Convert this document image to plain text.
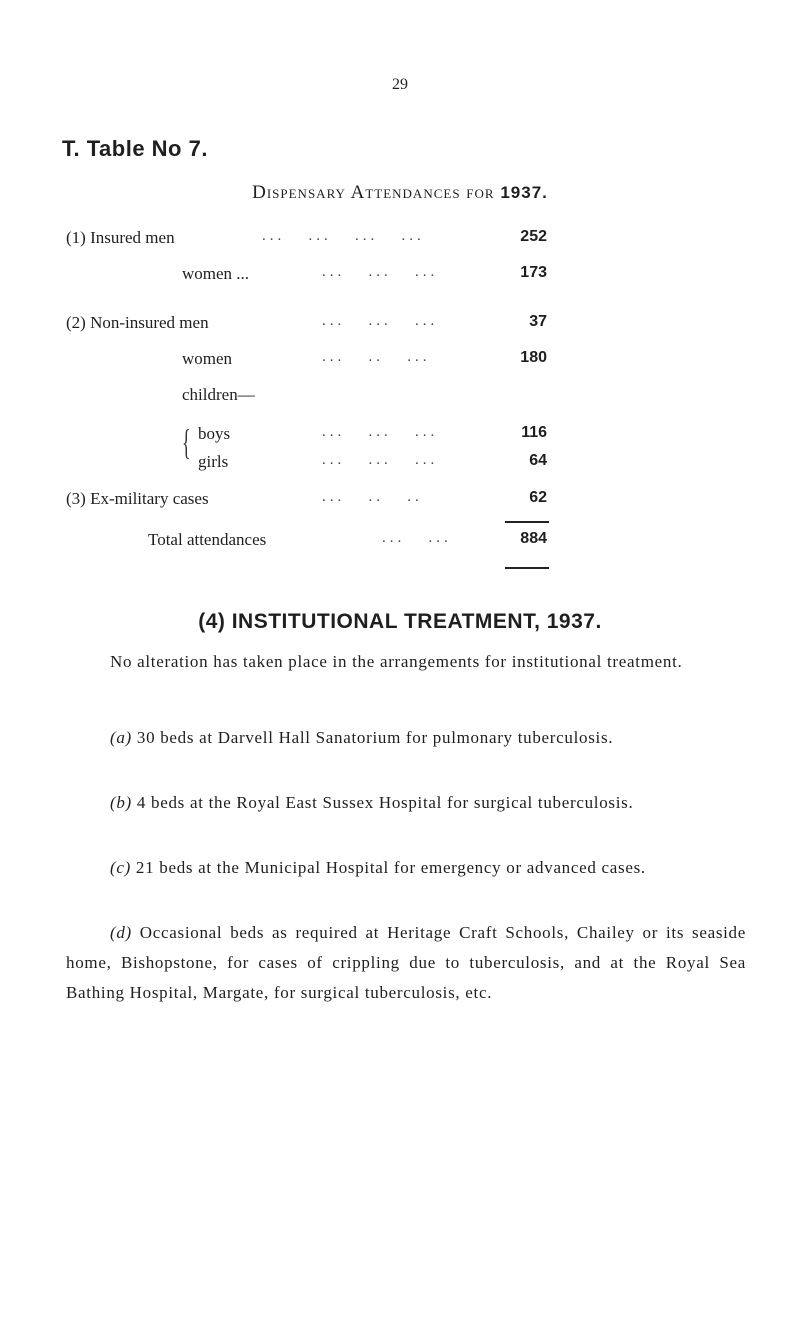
29
T. Table No 7.
Dispensary Attendances for 1937.
(1) Insured men	...   ...   ...   ...	252
women ...	...   ...   ...	173
(2) Non-insured men	...   ...   ...	37
women	...   ..   ...	180
children—
{ boys	...   ...   ...	116
girls	...   ...   ...	64
(3) Ex-military cases	...   ..   ..	62
Total attendances	...   ...	884
(4) INSTITUTIONAL TREATMENT, 1937.
No alteration has taken place in the arrangements for institutional treatment.
(a) 30 beds at Darvell Hall Sanatorium for pulmonary tuberculosis.
(b) 4 beds at the Royal East Sussex Hospital for surgical tuberculosis.
(c) 21 beds at the Municipal Hospital for emergency or advanced cases.
(d) Occasional beds as required at Heritage Craft Schools, Chailey or its seaside home, Bishopstone, for cases of crippling due to tuberculosis, and at the Royal Sea Bathing Hospital, Margate, for surgical tuberculosis, etc.
